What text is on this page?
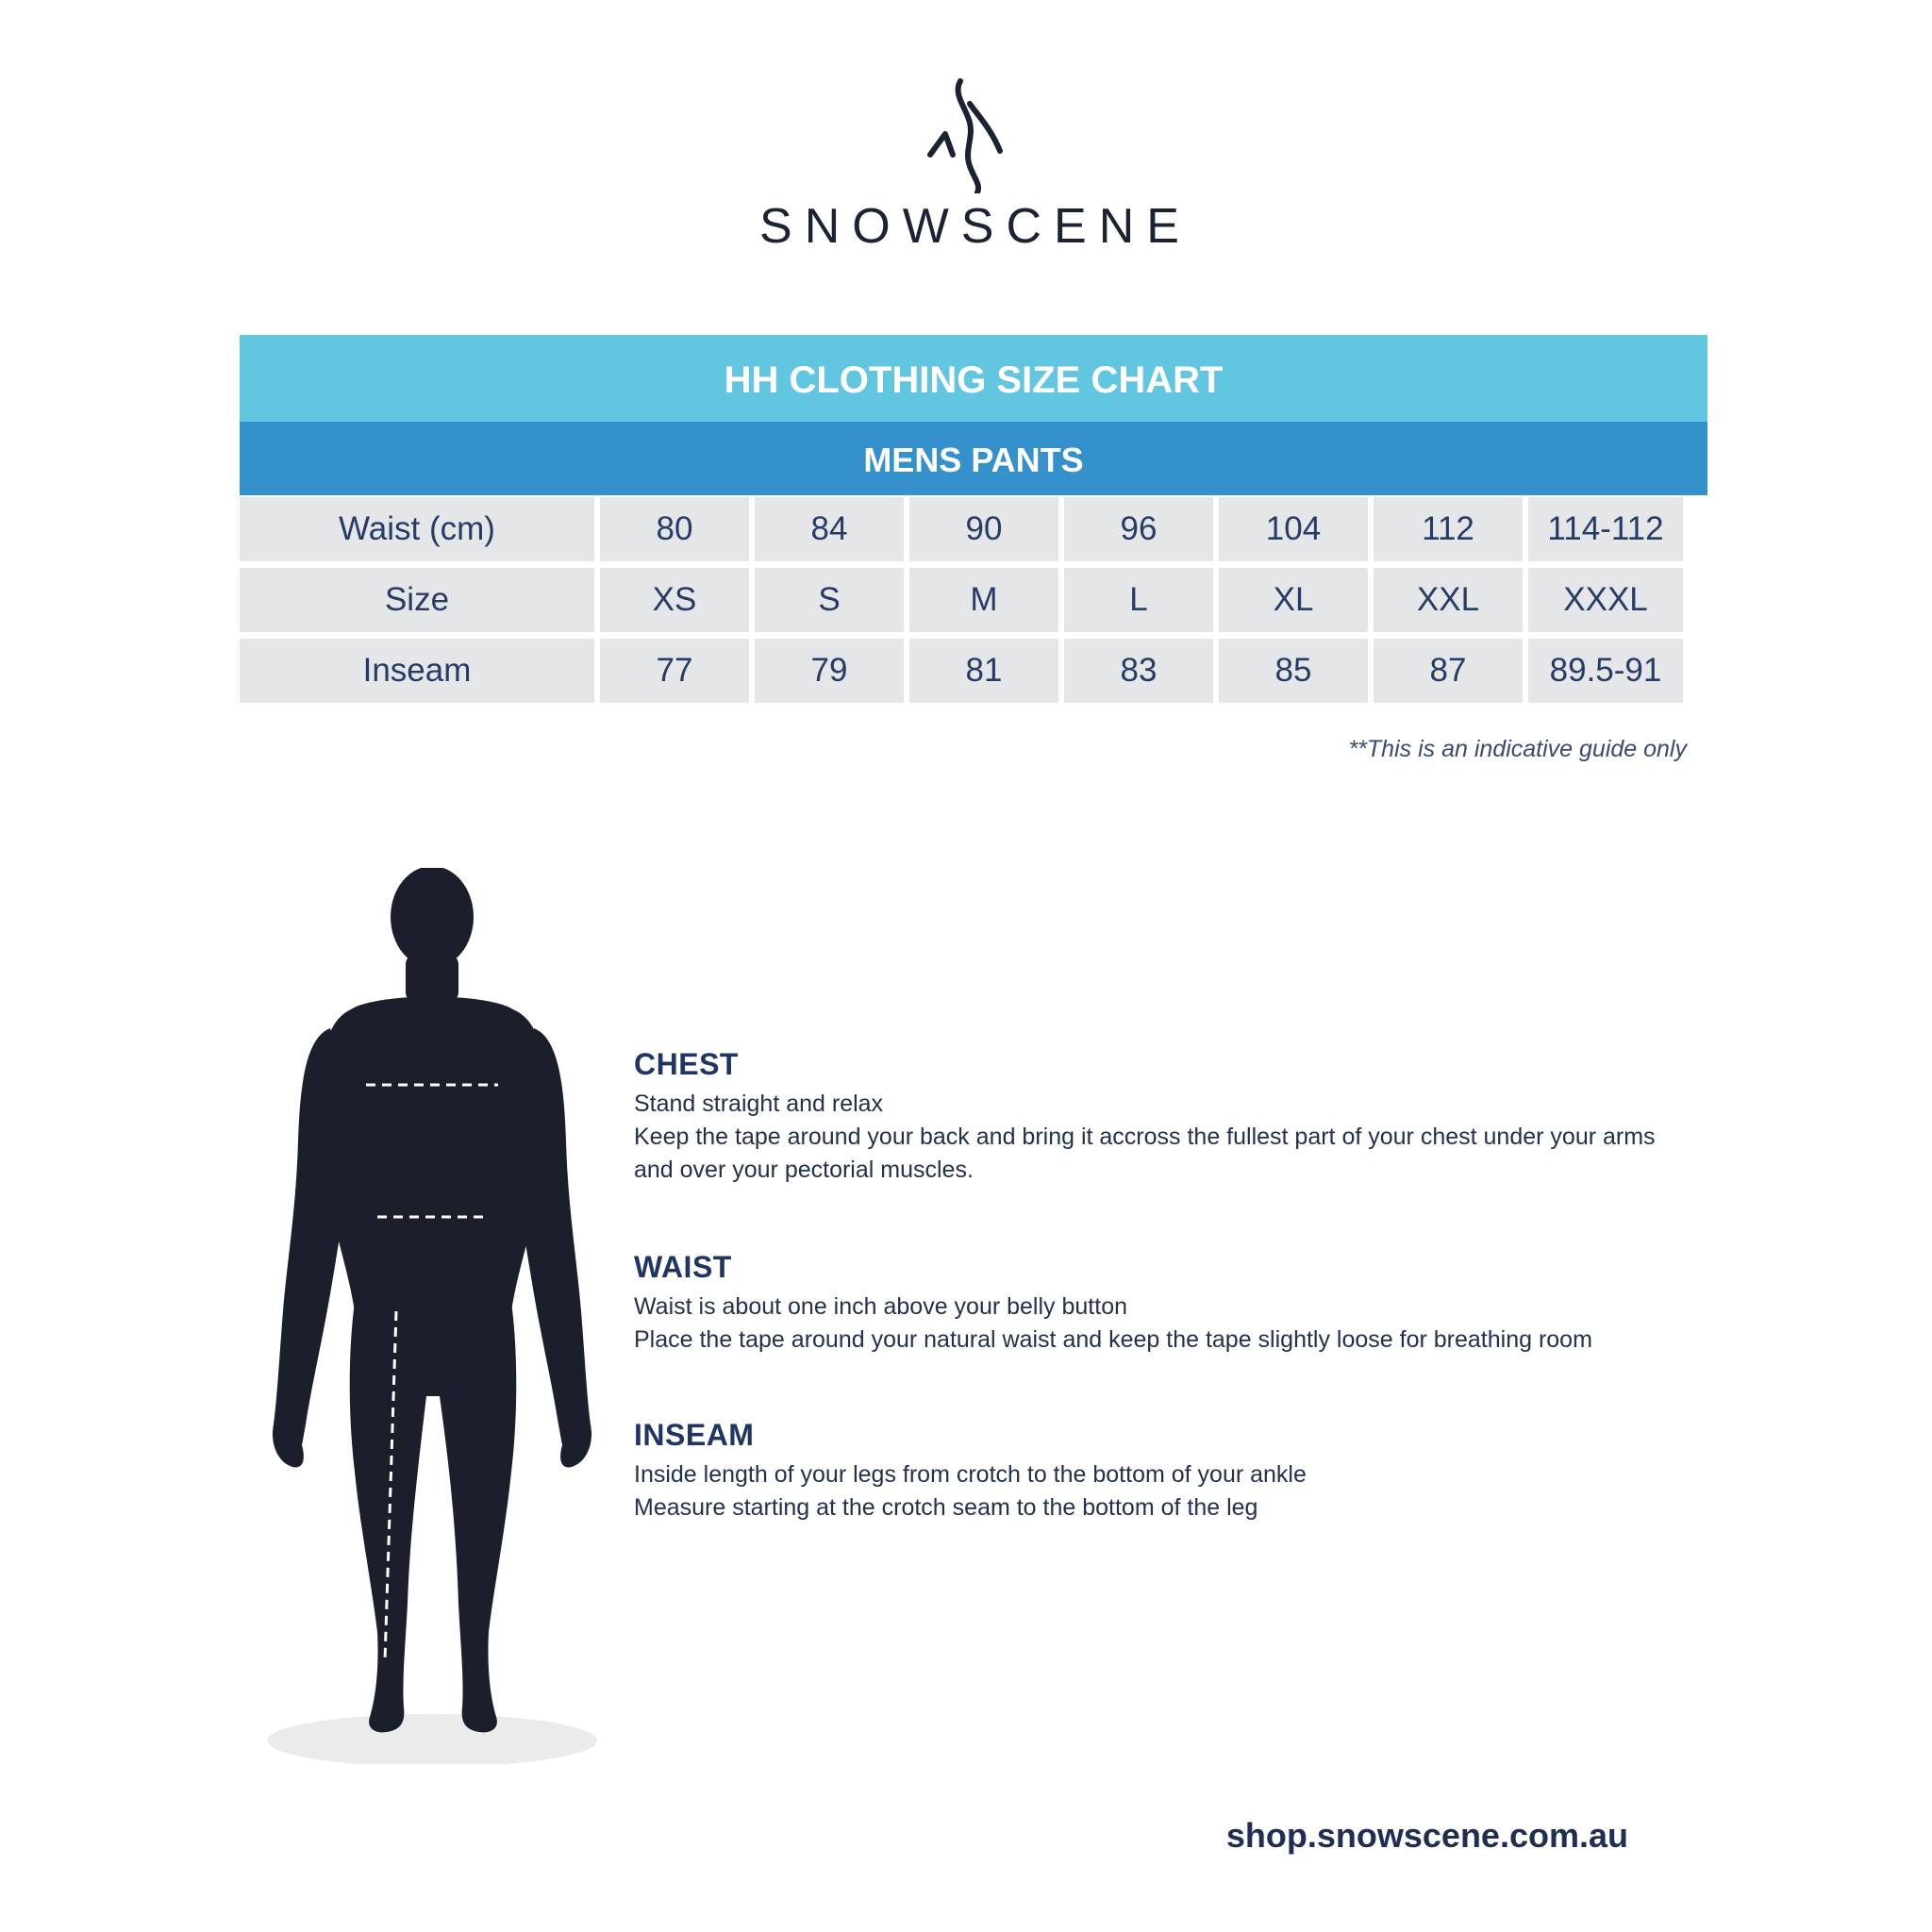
SNOWSCENE
HH CLOTHING SIZE CHART
MENS PANTS
Waist (cm)	80	84	90	96	104	112	114-112
Size	XS	S	M	L	XL	XXL	XXXL
Inseam	77	79	81	83	85	87	89.5-91
**This is an indicative guide only
CHEST

Stand straight and relax

Keep the tape around your back and bring it accross the fullest part of your chest under your arms

and over your pectorial muscles.

WAIST

Waist is about one inch above your belly button

Place the tape around your natural waist and keep the tape slightly loose for breathing room

INSEAM

Inside length of your legs from crotch to the bottom of your ankle

Measure starting at the crotch seam to the bottom of the leg

shop.snowscene.com.au
